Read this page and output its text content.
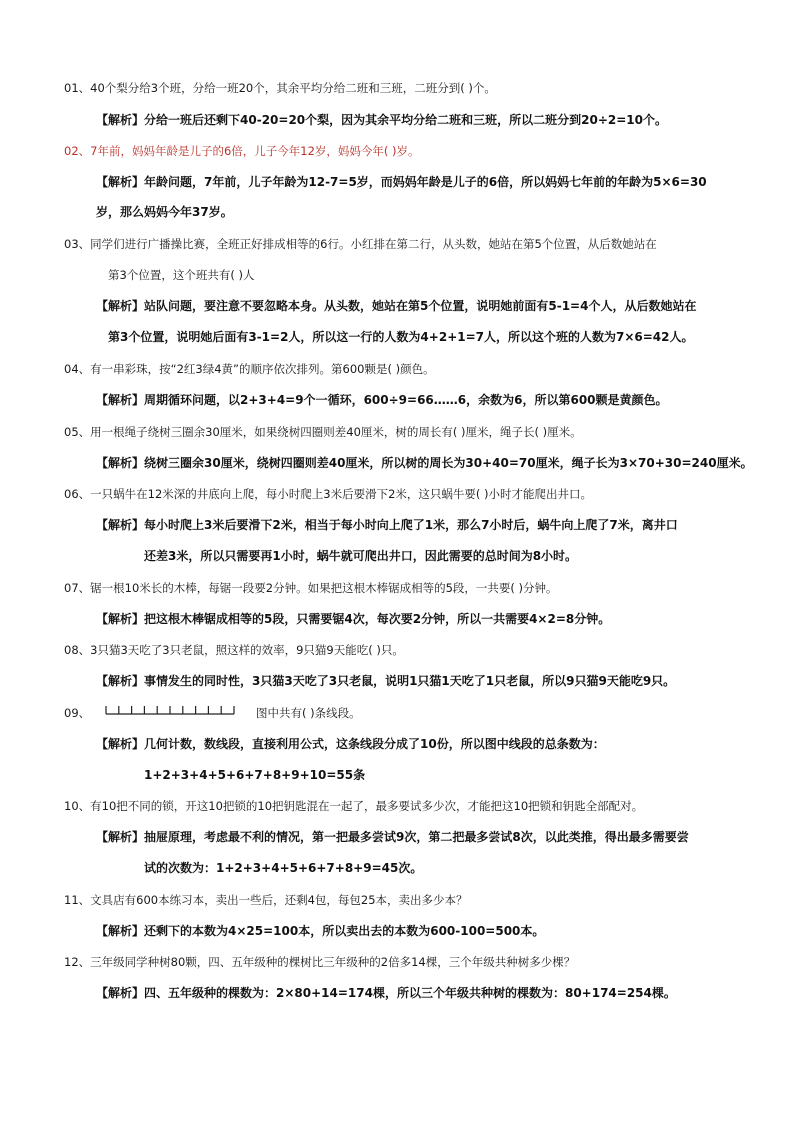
01、40个梨分给3个班，分给一班20个，其余平均分给二班和三班，二班分到( )个。
【解析】分给一班后还剩下40-20=20个梨，因为其余平均分给二班和三班，所以二班分到20÷2=10个。
02、7年前，妈妈年龄是儿子的6倍，儿子今年12岁，妈妈今年( )岁。
【解析】年龄问题，7年前，儿子年龄为12-7=5岁，而妈妈年龄是儿子的6倍，所以妈妈七年前的年龄为5×6=30
岁，那么妈妈今年37岁。
03、同学们进行广播操比赛，全班正好排成相等的6行。小红排在第二行，从头数，她站在第5个位置，从后数她站在
第3个位置，这个班共有( )人
【解析】站队问题，要注意不要忽略本身。从头数，她站在第5个位置，说明她前面有5-1=4个人，从后数她站在
第3个位置，说明她后面有3-1=2人，所以这一行的人数为4+2+1=7人，所以这个班的人数为7×6=42人。
04、有一串彩珠，按“2红3绿4黄”的顺序依次排列。第600颗是( )颜色。
【解析】周期循环问题，以2+3+4=9个一循环，600÷9=66……6，余数为6，所以第600颗是黄颜色。
05、用一根绳子绕树三圈余30厘米，如果绕树四圈则差40厘米，树的周长有( )厘米，绳子长( )厘米。
【解析】绕树三圈余30厘米，绕树四圈则差40厘米，所以树的周长为30+40=70厘米，绳子长为3×70+30=240厘米。
06、一只蜗牛在12米深的井底向上爬，每小时爬上3米后要滑下2米，这只蜗牛要( )小时才能爬出井口。
【解析】每小时爬上3米后要滑下2米，相当于每小时向上爬了1米，那么7小时后，蜗牛向上爬了7米，离井口
还差3米，所以只需要再1小时，蜗牛就可爬出井口，因此需要的总时间为8小时。
07、锯一根10米长的木棒，每锯一段要2分钟。如果把这根木棒锯成相等的5段，一共要( )分钟。
【解析】把这根木棒锯成相等的5段，只需要锯4次，每次要2分钟，所以一共需要4×2=8分钟。
08、3只猫3天吃了3只老鼠，照这样的效率，9只猫9天能吃( )只。
【解析】事情发生的同时性，3只猫3天吃了3只老鼠，说明1只猫1天吃了1只老鼠，所以9只猫9天能吃9只。
09、	图中共有( )条线段。
【解析】几何计数，数线段，直接利用公式，这条线段分成了10份，所以图中线段的总条数为：
1+2+3+4+5+6+7+8+9+10=55条
10、有10把不同的锁，开这10把锁的10把钥匙混在一起了，最多要试多少次，才能把这10把锁和钥匙全部配对。
【解析】抽屉原理，考虑最不利的情况，第一把最多尝试9次，第二把最多尝试8次，以此类推，得出最多需要尝
试的次数为：1+2+3+4+5+6+7+8+9=45次。
11、文具店有600本练习本，卖出一些后，还剩4包，每包25本，卖出多少本？
【解析】还剩下的本数为4×25=100本，所以卖出去的本数为600-100=500本。
12、三年级同学种树80颗，四、五年级种的棵树比三年级种的2倍多14棵，三个年级共种树多少棵？
【解析】四、五年级种的棵数为：2×80+14=174棵，所以三个年级共种树的棵数为：80+174=254棵。
